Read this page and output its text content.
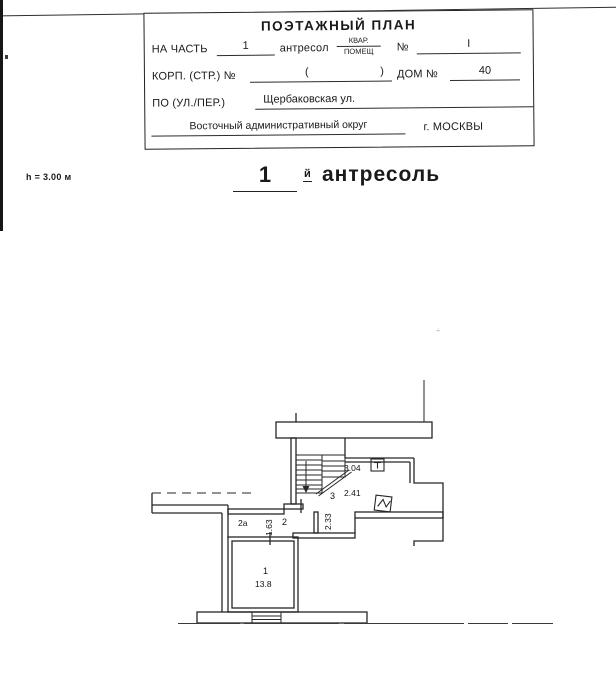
÷
ПОЭТАЖНЫЙ ПЛАН
НА ЧАСТЬ	1	антресол
КВАР.
ПОМЕЩ	№	I
КОРП. (СТР.) №	(	) ДОМ №	40
ПО (УЛ./ПЕР.)	Щербаковская ул.
Восточный административный округ	г. МОСКВЫ
h = 3.00 м	1	й антресоль
3.04
3 2.41
2.33
2
2a 1.63
1
13.8
